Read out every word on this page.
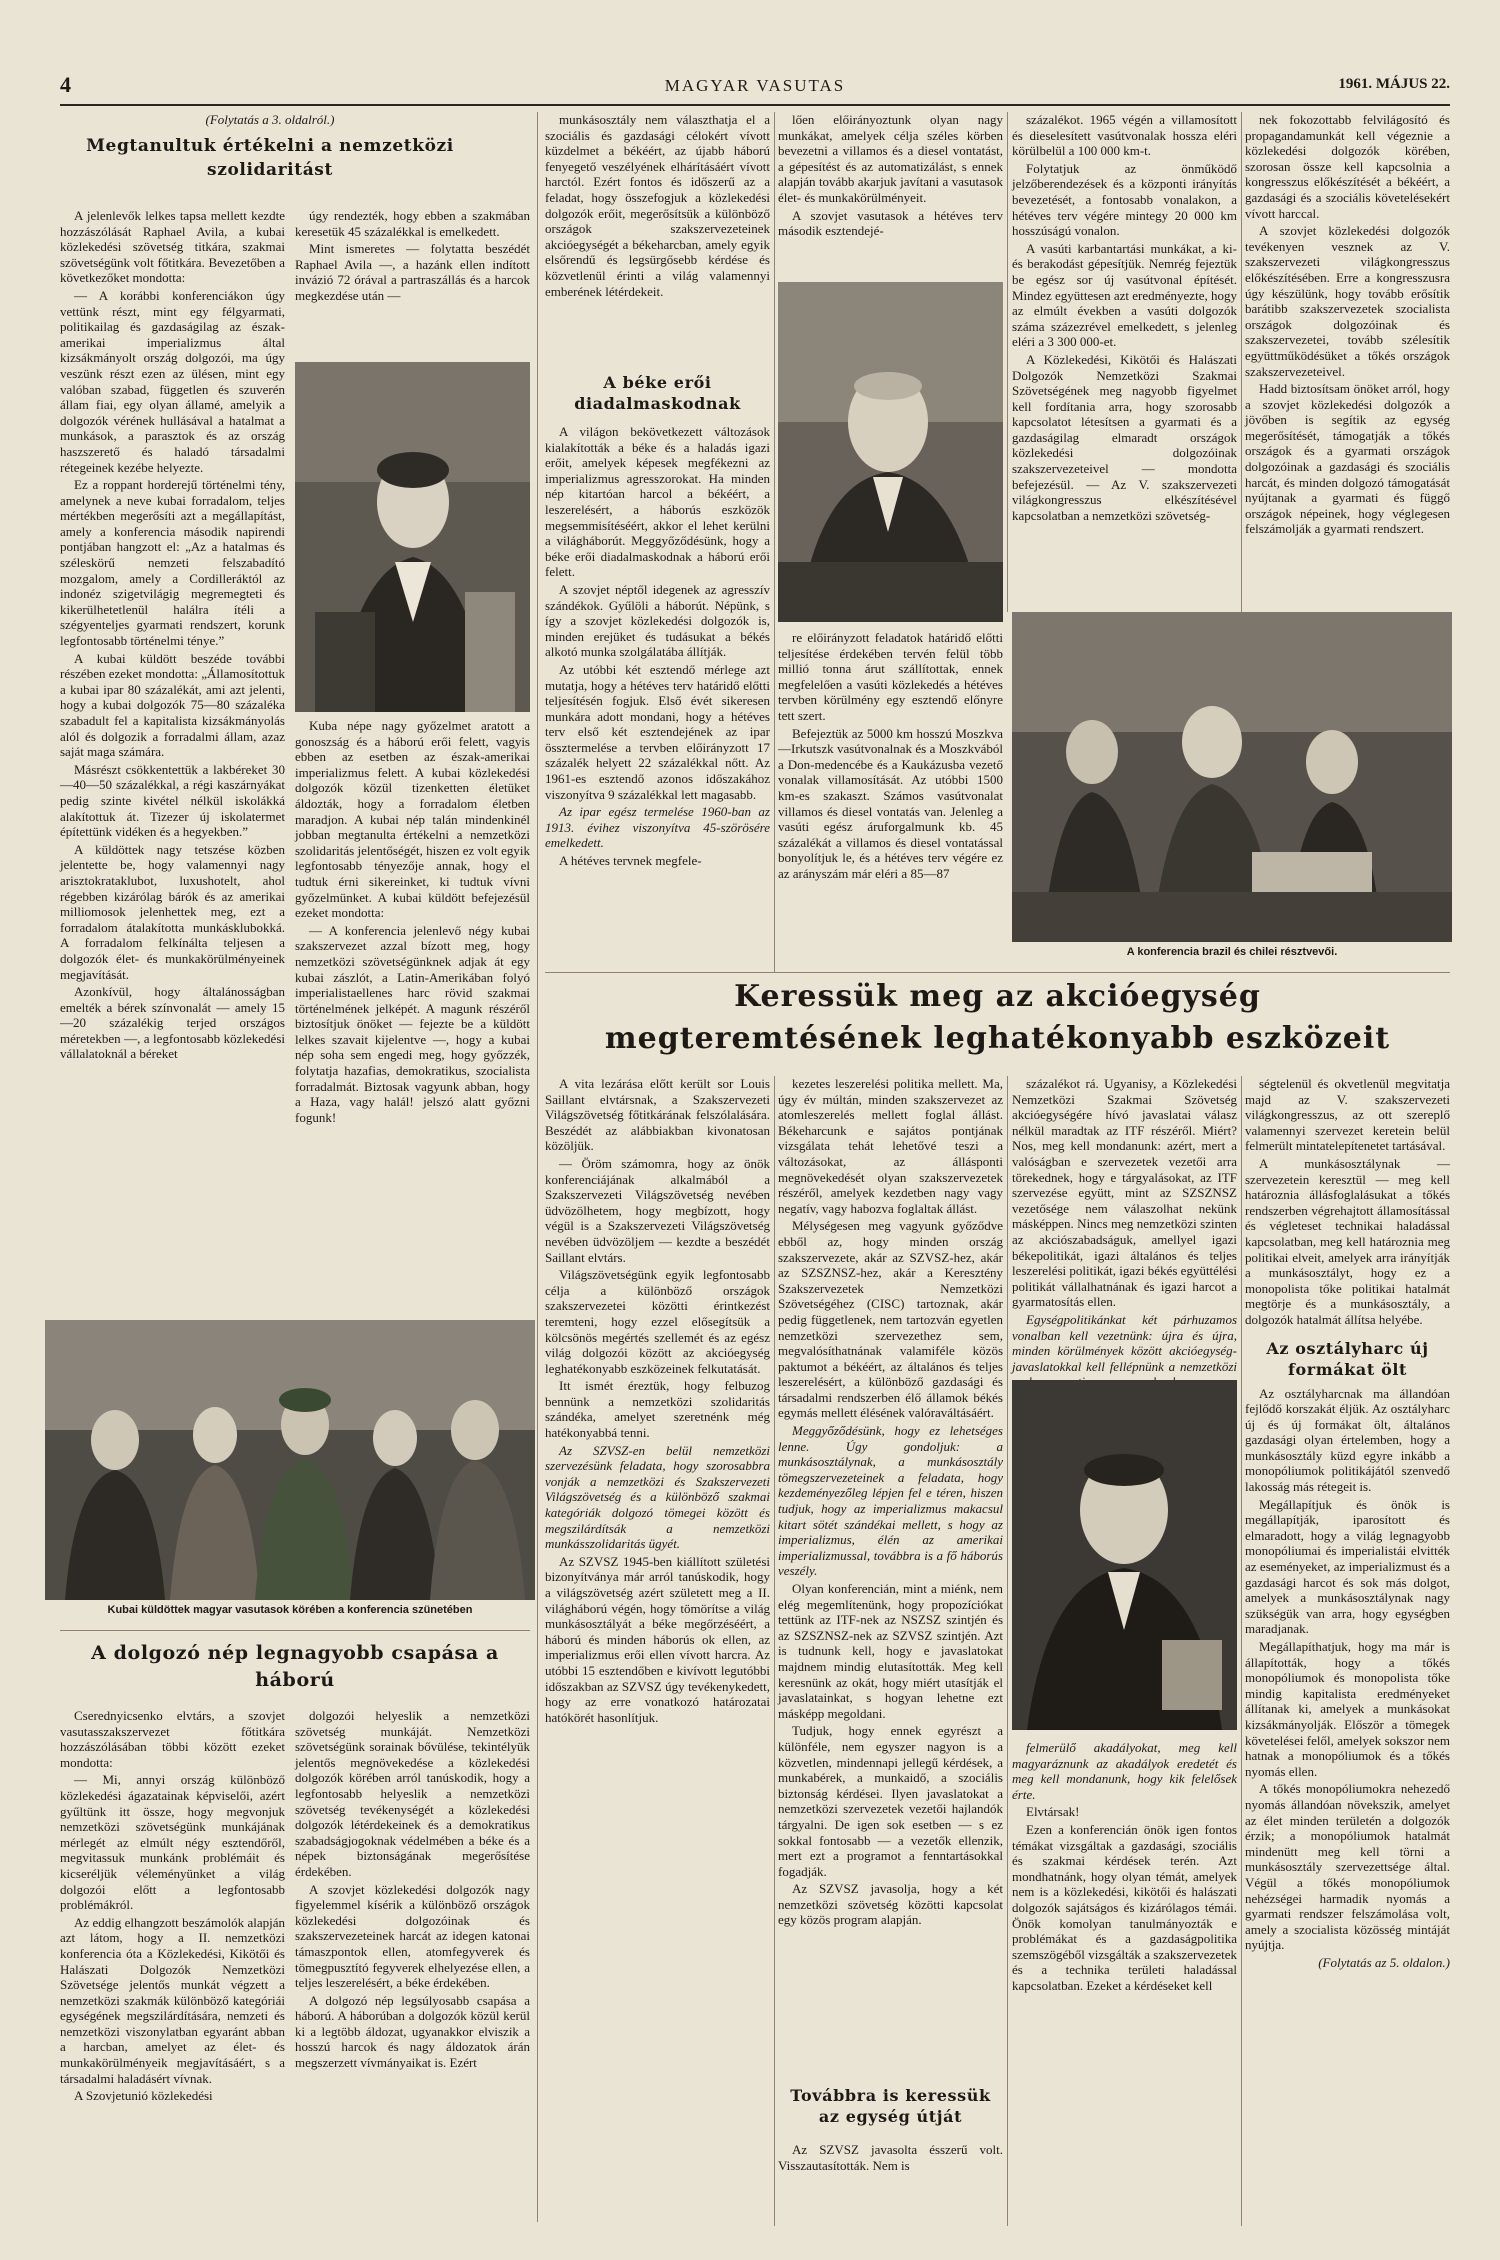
4	MAGYAR VASUTAS	1961. MÁJUS 22.
(Folytatás a 3. oldalról.)
Megtanultuk értékelni a nemzetközi szolidaritást

A jelenlevők lelkes tapsa mellett kezdte hozzászólását Raphael Avila, a kubai közlekedési szövetség titkára, szakmai szövetségünk volt főtitkára. Bevezetőben a következőket mondotta:

— A korábbi konferenciákon úgy vettünk részt, mint egy félgyarmati, politikailag és gazdaságilag az észak-amerikai imperializmus által kizsákmányolt ország dolgozói, ma úgy veszünk részt ezen az ülésen, mint egy valóban szabad, független és szuverén állam fiai, egy olyan államé, amelyik a dolgozók vérének hullásával a hatalmat a munkások, a parasztok és az ország haszszerető és haladó társadalmi rétegeinek kezébe helyezte.

Ez a roppant horderejű történelmi tény, amelynek a neve kubai forradalom, teljes mértékben megerősíti azt a megállapítást, amely a konferencia második napirendi pontjában hangzott el: „Az a hatalmas és széleskörű nemzeti felszabadító mozgalom, amely a Cordilleráktól az indonéz szigetvilágig megremegteti és kikerülhetetlenül halálra ítéli a szégyenteljes gyarmati rendszert, korunk legfontosabb történelmi ténye.”

A kubai küldött beszéde további részében ezeket mondotta: „Államosítottuk a kubai ipar 80 százalékát, ami azt jelenti, hogy a kubai dolgozók 75—80 százaléka szabadult fel a kapitalista kizsákmányolás alól és dolgozik a forradalmi állam, azaz saját maga számára.

Másrészt csökkentettük a lakbéreket 30—40—50 százalékkal, a régi kaszárnyákat pedig szinte kivétel nélkül iskolákká alakítottuk át. Tizezer új iskolatermet építettünk vidéken és a hegyekben.”

A küldöttek nagy tetszése közben jelentette be, hogy valamennyi nagy arisztokrataklubot, luxushotelt, ahol régebben kizárólag bárók és az amerikai milliomosok jelenhettek meg, ezt a forradalom átalakította munkásklubokká. A forradalom felkínálta teljesen a dolgozók élet- és munkakörülményeinek megjavítását.

Azonkívül, hogy általánosságban emelték a bérek színvonalát — amely 15—20 százalékig terjed országos méretekben —, a legfontosabb közlekedési vállalatoknál a béreket

úgy rendezték, hogy ebben a szakmában keresetük 45 százalékkal is emelkedett.

Mint ismeretes — folytatta beszédét Raphael Avila —, a hazánk ellen indított invázió 72 órával a partraszállás és a harcok megkezdése után —

Kuba népe nagy győzelmet aratott a gonoszság és a háború erői felett, vagyis ebben az esetben az észak-amerikai imperializmus felett. A kubai közlekedési dolgozók közül tizenketten életüket áldozták, hogy a forradalom életben maradjon. A kubai nép talán mindenkinél jobban megtanulta értékelni a nemzetközi szolidaritás jelentőségét, hiszen ez volt egyik legfontosabb tényezője annak, hogy el tudtuk érni sikereinket, ki tudtuk vívni győzelmünket. A kubai küldött befejezésül ezeket mondotta:

— A konferencia jelenlevő négy kubai szakszervezet azzal bízott meg, hogy nemzetközi szövetségünknek adjak át egy kubai zászlót, a Latin-Amerikában folyó imperialistaellenes harc rövid szakmai történelmének jelképét. A magunk részéről biztosítjuk önöket — fejezte be a küldött lelkes szavait kijelentve —, hogy a kubai nép soha sem engedi meg, hogy győzzék, folytatja hazafias, demokratikus, szocialista forradalmát. Biztosak vagyunk abban, hogy a Haza, vagy halál! jelszó alatt győzni fogunk!

Kubai küldöttek magyar vasutasok körében a konferencia szünetében
A dolgozó nép legnagyobb csapása a háború

Cserednyicsenko elvtárs, a szovjet vasutasszakszervezet főtitkára hozzászólásában többi között ezeket mondotta:

— Mi, annyi ország különböző közlekedési ágazatainak képviselői, azért gyűltünk itt össze, hogy megvonjuk nemzetközi szövetségünk munkájának mérlegét az elmúlt négy esztendőről, megvitassuk munkánk problémáit és kicseréljük véleményünket a világ dolgozói előtt a legfontosabb problémákról.

Az eddig elhangzott beszámolók alapján azt látom, hogy a II. nemzetközi konferencia óta a Közlekedési, Kikötői és Halászati Dolgozók Nemzetközi Szövetsége jelentős munkát végzett a nemzetközi szakmák különböző kategóriái egységének megszilárdítására, nemzeti és nemzetközi viszonylatban egyaránt abban a harcban, amelyet az élet- és munkakörülményeik megjavításáért, s a társadalmi haladásért vívnak.

A Szovjetunió közlekedési

dolgozói helyeslik a nemzetközi szövetség munkáját. Nemzetközi szövetségünk sorainak bővülése, tekintélyük jelentős megnövekedése a közlekedési dolgozók körében arról tanúskodik, hogy a legfontosabb helyeslik a nemzetközi szövetség tevékenységét a közlekedési dolgozók létérdekeinek és a demokratikus szabadságjogoknak védelmében a béke és a népek biztonságának megerősítése érdekében.

A szovjet közlekedési dolgozók nagy figyelemmel kísérik a különböző országok közlekedési dolgozóinak és szakszervezeteinek harcát az idegen katonai támaszpontok ellen, atomfegyverek és tömegpusztító fegyverek elhelyezése ellen, a teljes leszerelésért, a béke érdekében.

A dolgozó nép legsúlyosabb csapása a háború. A háborúban a dolgozók közül kerül ki a legtöbb áldozat, ugyanakkor elviszik a hosszú harcok és nagy áldozatok árán megszerzett vívmányaikat is. Ezért

munkásosztály nem választhatja el a szociális és gazdasági célokért vívott küzdelmet a békéért, az újabb háború fenyegető veszélyének elhárításáért vívott harctól. Ezért fontos és időszerű az a feladat, hogy összefogjuk a közlekedési dolgozók erőit, megerősítsük a különböző országok szakszervezeteinek akcióegységét a békeharcban, amely egyik elsőrendű és legsürgősebb kérdése és közvetlenül érinti a világ valamennyi emberének létérdekeit.

A béke erői diadalmaskodnak

A világon bekövetkezett változások kialakították a béke és a haladás igazi erőit, amelyek képesek megfékezni az imperializmus agresszorokat. Ha minden nép kitartóan harcol a békéért, a leszerelésért, a háborús eszközök megsemmisítéséért, akkor el lehet kerülni a világháborút. Meggyőződésünk, hogy a béke erői diadalmaskodnak a háború erői felett.

A szovjet néptől idegenek az agresszív szándékok. Gyűlöli a háborút. Népünk, s így a szovjet közlekedési dolgozók is, minden erejüket és tudásukat a békés alkotó munka szolgálatába állítják.

Az utóbbi két esztendő mérlege azt mutatja, hogy a hétéves terv határidő előtti teljesítésén fogjuk. Első évét sikeresen munkára adott mondani, hogy a hétéves terv első két esztendejének az ipar össztermelése a tervben előirányzott 17 százalék helyett 22 százalékkal nőtt. Az 1961-es esztendő azonos időszakához viszonyítva 9 százalékkal lett magasabb.

Az ipar egész termelése 1960-ban az 1913. évihez viszonyítva 45-szörösére emelkedett.

A hétéves tervnek megfele-

lően előirányoztunk olyan nagy munkákat, amelyek célja széles körben bevezetni a villamos és a diesel vontatást, a gépesítést és az automatizálást, s ennek alapján tovább akarjuk javítani a vasutasok élet- és munkakörülményeit.

A szovjet vasutasok a hétéves terv második esztendejé-

re előirányzott feladatok határidő előtti teljesítése érdekében tervén felül több millió tonna árut szállítottak, ennek megfelelően a vasúti közlekedés a hétéves tervben körülmény egy esztendő előnyre tett szert.

Befejeztük az 5000 km hosszú Moszkva—Irkutszk vasútvonalnak és a Moszkvából a Don-medencébe és a Kaukázusba vezető vonalak villamosítását. Az utóbbi 1500 km-es szakaszt. Számos vasútvonalat villamos és diesel vontatás van. Jelenleg a vasúti egész áruforgalmunk kb. 45 százalékát a villamos és diesel vontatással bonyolítjuk le, és a hétéves terv végére ez az arányszám már eléri a 85—87

százalékot. 1965 végén a villamosított és dieselesített vasútvonalak hossza eléri körülbelül a 100 000 km-t.

Folytatjuk az önműködő jelzőberendezések és a központi irányítás bevezetését, a fontosabb vonalakon, a hétéves terv végére mintegy 20 000 km hosszúságú vonalon.

A vasúti karbantartási munkákat, a ki- és berakodást gépesítjük. Nemrég fejeztük be egész sor új vasútvonal építését. Mindez együttesen azt eredményezte, hogy az elmúlt években a vasúti dolgozók száma százezrével emelkedett, s jelenleg eléri a 3 300 000-et.

A Közlekedési, Kikötői és Halászati Dolgozók Nemzetközi Szakmai Szövetségének meg nagyobb figyelmet kell fordítania arra, hogy szorosabb kapcsolatot létesítsen a gyarmati és a gazdaságilag elmaradt országok közlekedési dolgozóinak szakszervezeteivel — mondotta befejezésül. — Az V. szakszervezeti világkongresszus elkészítésével kapcsolatban a nemzetközi szövetség-

nek fokozottabb felvilágosító és propagandamunkát kell végeznie a közlekedési dolgozók körében, szorosan össze kell kapcsolnia a kongresszus előkészítését a békéért, a gazdasági és a szociális követelésekért vívott harccal.

A szovjet közlekedési dolgozók tevékenyen vesznek az V. szakszervezeti világkongresszus előkészítésében. Erre a kongresszusra úgy készülünk, hogy tovább erősítik barátibb szakszervezetek szocialista országok dolgozóinak és szakszervezetei, tovább szélesítik együttműködésüket a tőkés országok szakszervezeteivel.

Hadd biztosítsam önöket arról, hogy a szovjet közlekedési dolgozók a jövőben is segítik az egység megerősítését, támogatják a tőkés országok és a gyarmati országok dolgozóinak a gazdasági és szociális harcát, és minden dolgozó támogatását nyújtanak a gyarmati és függő országok népeinek, hogy véglegesen felszámolják a gyarmati rendszert.

A konferencia brazil és chilei résztvevői.
Keressük meg az akcióegység
megteremtésének leghatékonyabb eszközeit

A vita lezárása előtt került sor Louis Saillant elvtársnak, a Szakszervezeti Világszövetség főtitkárának felszólalására. Beszédét az alábbiakban kivonatosan közöljük.

— Öröm számomra, hogy az önök konferenciájának alkalmából a Szakszervezeti Világszövetség nevében üdvözölhetem, hogy megbízott, hogy végül is a Szakszervezeti Világszövetség nevében üdvözöljem — kezdte a beszédét Saillant elvtárs.

Világszövetségünk egyik legfontosabb célja a különböző országok szakszervezetei közötti érintkezést teremteni, hogy ezzel elősegítsük a kölcsönös megértés szellemét és az egész világ dolgozói között az akcióegység leghatékonyabb eszközeinek felkutatását.

Itt ismét éreztük, hogy felbuzog bennünk a nemzetközi szolidaritás szándéka, amelyet szeretnénk még hatékonyabbá tenni.

Az SZVSZ-en belül nemzetközi szervezésünk feladata, hogy szorosabbra vonják a nemzetközi és Szakszervezeti Világszövetség és a különböző szakmai kategóriák dolgozó tömegei között és megszilárdítsák a nemzetközi munkásszolidaritás ügyét.

Az SZVSZ 1945-ben kiállított születési bizonyítványa már arról tanúskodik, hogy a világszövetség azért született meg a II. világháború végén, hogy tömörítse a világ munkásosztályát a béke megőrzéséért, a háború és minden háborús ok ellen, az imperializmus erői ellen vívott harcra. Az utóbbi 15 esztendőben e kivívott legutóbbi időszakban az SZVSZ úgy tevékenykedett, hogy az erre vonatkozó határozatai hatókörét hasonlítjuk.

kezetes leszerelési politika mellett. Ma, úgy év múltán, minden szakszervezet az atomleszerelés mellett foglal állást. Békeharcunk e sajátos pontjának vizsgálata tehát lehetővé teszi a változásokat, az állásponti megnövekedését olyan szakszervezetek részéről, amelyek kezdetben nagy vagy negatív, vagy habozva foglaltak állást.

Mélységesen meg vagyunk győződve ebből az, hogy minden ország szakszervezete, akár az SZVSZ-hez, akár az SZSZNSZ-hez, akár a Keresztény Szakszervezetek Nemzetközi Szövetségéhez (CISC) tartoznak, akár pedig függetlenek, nem tartozván egyetlen nemzetközi szervezethez sem, megvalósíthatnának valamiféle közös paktumot a békéért, az általános és teljes leszerelésért, a különböző gazdasági és társadalmi rendszerben élő államok békés egymás mellett élésének valóraváltásáért.

Meggyőződésünk, hogy ez lehetséges lenne. Úgy gondoljuk: a munkásosztálynak, a munkásosztály tömegszervezeteinek a feladata, hogy kezdeményezőleg lépjen fel e téren, hiszen tudjuk, hogy az imperializmus makacsul kitart sötét szándékai mellett, s hogy az imperializmus, élén az amerikai imperializmussal, továbbra is a fő háborús veszély.

Olyan konferencián, mint a miénk, nem elég megemlítenünk, hogy propozíciókat tettünk az ITF-nek az NSZSZ szintjén és az SZSZNSZ-nek az SZVSZ szintjén. Azt is tudnunk kell, hogy e javaslatokat majdnem mindig elutasították. Meg kell keresnünk az okát, hogy miért utasítják el javaslatainkat, s hogyan lehetne ezt másképp megoldani.

Tudjuk, hogy ennek egyrészt a különféle, nem egyszer nagyon is a közvetlen, mindennapi jellegű kérdések, a munkabérek, a munkaidő, a szociális biztonság kérdései. Ilyen javaslatokat a nemzetközi szervezetek vezetői hajlandók tárgyalni. De igen sok esetben — s ez sokkal fontosabb — a vezetők ellenzik, mert ezt a programot a fenntartásokkal fogadják.

Az SZVSZ javasolja, hogy a két nemzetközi szövetség közötti kapcsolat egy közös program alapján.

Továbbra is keressük az egység útját

Az SZVSZ javasolta ésszerű volt. Visszautasították. Nem is

százalékot rá. Ugyanisy, a Közlekedési Nemzetközi Szakmai Szövetség akcióegységére hívó javaslatai válasz nélkül maradtak az ITF részéről. Miért? Nos, meg kell mondanunk: azért, mert a valóságban e szervezetek vezetői arra törekednek, hogy e tárgyalásokat, az ITF szervezése együtt, mint az SZSZNSZ vezetősége nem válaszolhat nekünk másképpen. Nincs meg nemzetközi szinten az akciószabadságuk, amellyel igazi békepolitikát, igazi általános és teljes leszerelési politikát, igazi békés együttélési politikát vállalhatnának és igazi harcot a gyarmatosítás ellen.

Egységpolitikánkat két párhuzamos vonalban kell vezetnünk: újra és újra, minden körülmények között akcióegység-javaslatokkal kell fellépnünk a nemzetközi

felmerülő akadályokat, meg kell magyaráznunk az akadályok eredetét és meg kell mondanunk, hogy kik felelősek érte.

Elvtársak!

Ezen a konferencián önök igen fontos témákat vizsgáltak a gazdasági, szociális és szakmai kérdések terén. Azt mondhatnánk, hogy olyan témát, amelyek nem is a közlekedési, kikötői és halászati dolgozók sajátságos és kizárólagos témái. Önök komolyan tanulmányozták e problémákat és a gazdaságpolitika szemszögéből vizsgálták a szakszervezetek és a technika területi haladással kapcsolatban. Ezeket a kérdéseket kell

ségtelenül és okvetlenül megvitatja majd az V. szakszervezeti világkongresszus, az ott szereplő valamennyi szervezet keretein belül felmerült mintatelepítenetet tartásával.

A munkásosztálynak — szervezetein keresztül — meg kell határoznia állásfoglalásukat a tőkés rendszerben végrehajtott államosítással és végleteset technikai haladással kapcsolatban, meg kell határoznia meg politikai elveit, amelyek arra irányítják a munkásosztályt, hogy ez a monopolista tőke politikai hatalmát megtörje és a munkásosztály, a dolgozók hatalmát állítsa helyébe.

Az osztályharc új formákat ölt

Az osztályharcnak ma állandóan fejlődő korszakát éljük. Az osztályharc új és új formákat ölt, általános gazdasági olyan értelemben, hogy a munkásosztály küzd egyre inkább a monopóliumok politikájától szenvedő lakosság más rétegeit is.

Megállapítjuk és önök is megállapítják, iparosított és elmaradott, hogy a világ legnagyobb monopóliumai és imperialistái elvitték az eseményeket, az imperializmust és a gazdasági harcot és sok más dolgot, amelyek a munkásosztálynak nagy szükségük van arra, hogy egységben maradjanak.

Megállapíthatjuk, hogy ma már is állapították, hogy a tőkés monopóliumok és monopolista tőke mindig kapitalista eredményeket állítanak ki, amelyek a munkásokat kizsákmányolják. Először a tömegek követelései felől, amelyek sokszor nem hatnak a monopóliumok és a tőkés nyomás ellen.

A tőkés monopóliumokra nehezedő nyomás állandóan növekszik, amelyet az élet minden területén a dolgozók érzik; a monopóliumok hatalmát mindenütt meg kell törni a munkásosztály szervezettsége által. Végül a tőkés monopóliumok nehézségei harmadik nyomás a gyarmati rendszer felszámolása volt, amely a szocialista közösség mintáját nyújtja.

(Folytatás az 5. oldalon.)
